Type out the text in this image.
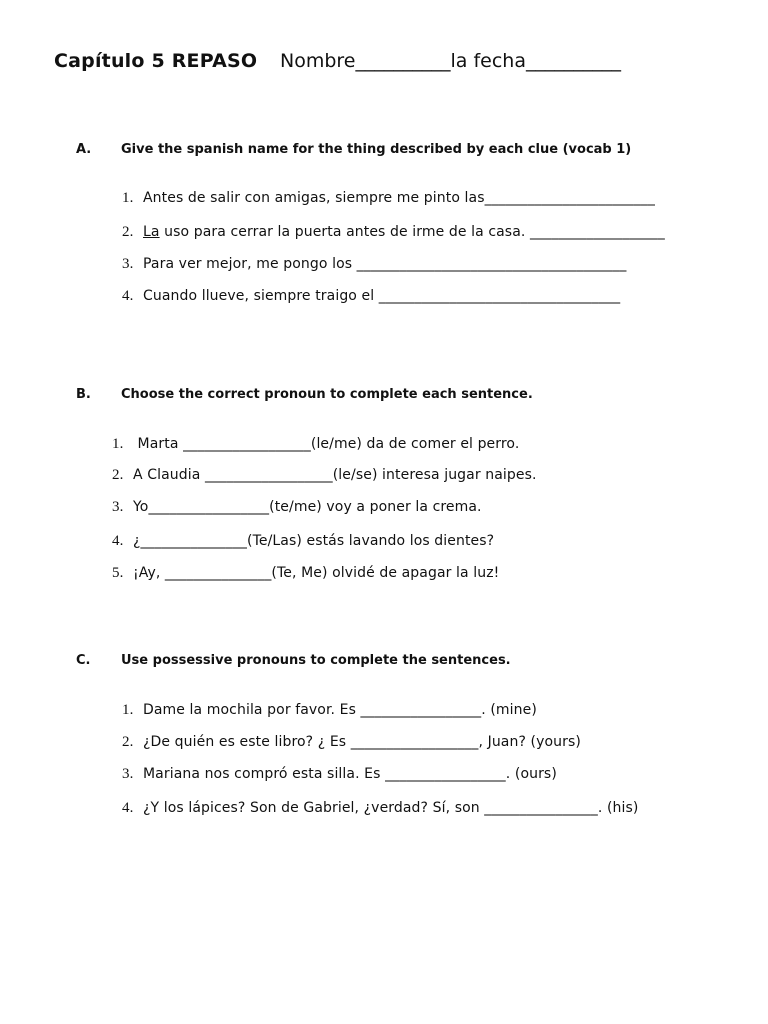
Capítulo 5 REPASO Nombre__________la fecha__________
A. Give the spanish name for the thing described by each clue (vocab 1)
1. Antes de salir con amigas, siempre me pinto las________________________
2. La uso para cerrar la puerta antes de irme de la casa. ___________________
3. Para ver mejor, me pongo los ______________________________________
4. Cuando llueve, siempre traigo el __________________________________
B. Choose the correct pronoun to complete each sentence.
1. Marta __________________(le/me) da de comer el perro.
2. A Claudia __________________(le/se) interesa jugar naipes.
3. Yo_________________(te/me) voy a poner la crema.
4. ¿_______________(Te/Las) estás lavando los dientes?
5. ¡Ay, _______________(Te, Me) olvidé de apagar la luz!
C. Use possessive pronouns to complete the sentences.
1. Dame la mochila por favor. Es _________________. (mine)
2. ¿De quién es este libro? ¿ Es __________________, Juan? (yours)
3. Mariana nos compró esta silla. Es _________________. (ours)
4. ¿Y los lápices? Son de Gabriel, ¿verdad? Sí, son ________________. (his)
